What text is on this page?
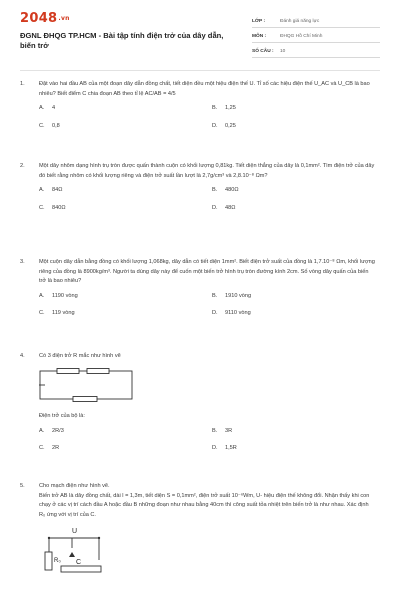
2048.vn
ĐGNL ĐHQG TP.HCM - Bài tập tính điện trở của dây dẫn, biến trở
LỚP :	Đánh giá năng lực
MÔN :	ĐHQG Hồ Chí Minh
SỐ CÂU :	10
1.	Đặt vào hai đầu AB của một đoạn dây dẫn đồng chất, tiết diện đều một hiệu điện thế U. Tỉ số các hiệu điện thế U_AC và U_CB là bao nhiêu? Biết điểm C chia đoạn AB theo tỉ lệ AC/AB = 4/5
A.	4	B.	1,25
C.	0,8	D.	0,25
2.	Một dây nhôm dạng hình trụ tròn được quấn thành cuộn có khối lượng 0,81kg. Tiết diện thẳng của dây là 0,1mm². Tìm điện trở của dây đó biết rằng nhôm có khối lượng riêng và điện trở suất lần lượt là 2,7g/cm³ và 2,8.10⁻⁸ Ωm?
A.	84Ω	B.	480Ω
C.	840Ω	D.	48Ω
3.	Một cuộn dây dẫn bằng đồng có khối lượng 1,068kg, dây dẫn có tiết diện 1mm². Biết điện trở suất của đồng là 1,7.10⁻⁸ Ωm, khối lượng riêng của đồng là 8900kg/m³. Người ta dùng dây này để cuốn một biến trở hình trụ tròn đường kính 2cm. Số vòng dây quấn của biến trở là bao nhiêu?
A.	1190 vòng	B.	1910 vòng
C.	119 vòng	D.	9110 vòng
4.	Có 3 điện trở R mắc như hình vẽ
Điện trở của bộ là:
A.	2R/3	B.	3R
C.	2R	D.	1,5R
5.	Cho mạch điện như hình vẽ.
Biến trở AB là dây đồng chất, dài l = 1,3m, tiết diện S = 0,1mm², điện trở suất 10⁻⁶Wm, U- hiệu điện thế không đổi. Nhận thấy khi con chạy ở các vị trí cách đầu A hoặc đầu B những đoạn như nhau bằng 40cm thì công suất tỏa nhiệt trên biến trở là như nhau. Xác định R₀ ứng với vị trí của C.
U
R₀ C
